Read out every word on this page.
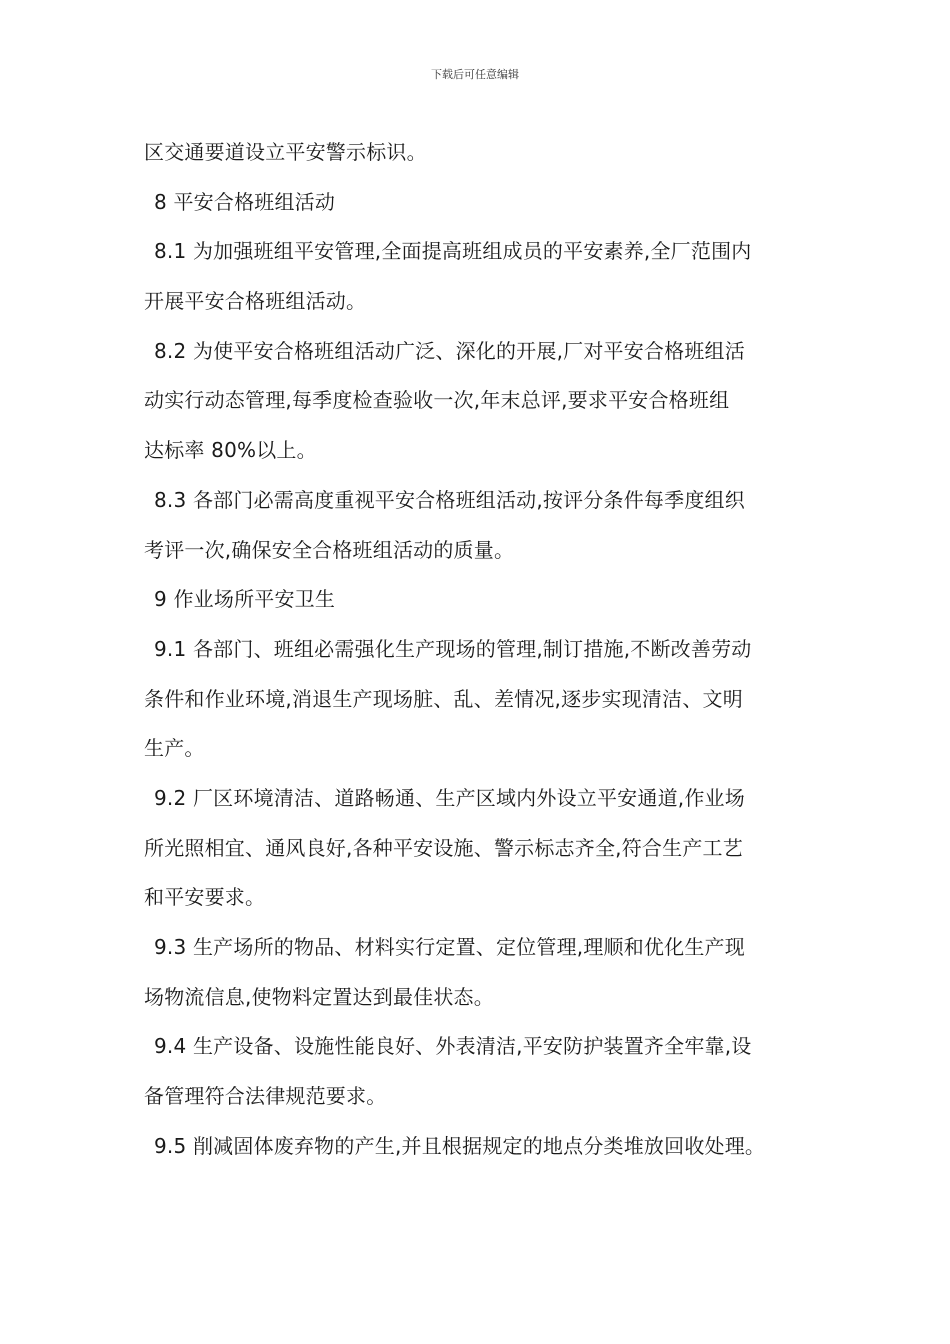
下载后可任意编辑
区交通要道设立平安警示标识。
8 平安合格班组活动
8.1 为加强班组平安管理,全面提高班组成员的平安素养,全厂范围内
开展平安合格班组活动。
8.2 为使平安合格班组活动广泛、深化的开展,厂对平安合格班组活
动实行动态管理,每季度检查验收一次,年末总评,要求平安合格班组
达标率 80%以上。
8.3 各部门必需高度重视平安合格班组活动,按评分条件每季度组织
考评一次,确保安全合格班组活动的质量。
9 作业场所平安卫生
9.1 各部门、班组必需强化生产现场的管理,制订措施,不断改善劳动
条件和作业环境,消退生产现场脏、乱、差情况,逐步实现清洁、文明
生产。
9.2 厂区环境清洁、道路畅通、生产区域内外设立平安通道,作业场
所光照相宜、通风良好,各种平安设施、警示标志齐全,符合生产工艺
和平安要求。
9.3 生产场所的物品、材料实行定置、定位管理,理顺和优化生产现
场物流信息,使物料定置达到最佳状态。
9.4 生产设备、设施性能良好、外表清洁,平安防护装置齐全牢靠,设
备管理符合法律规范要求。
9.5 削减固体废弃物的产生,并且根据规定的地点分类堆放回收处理。
